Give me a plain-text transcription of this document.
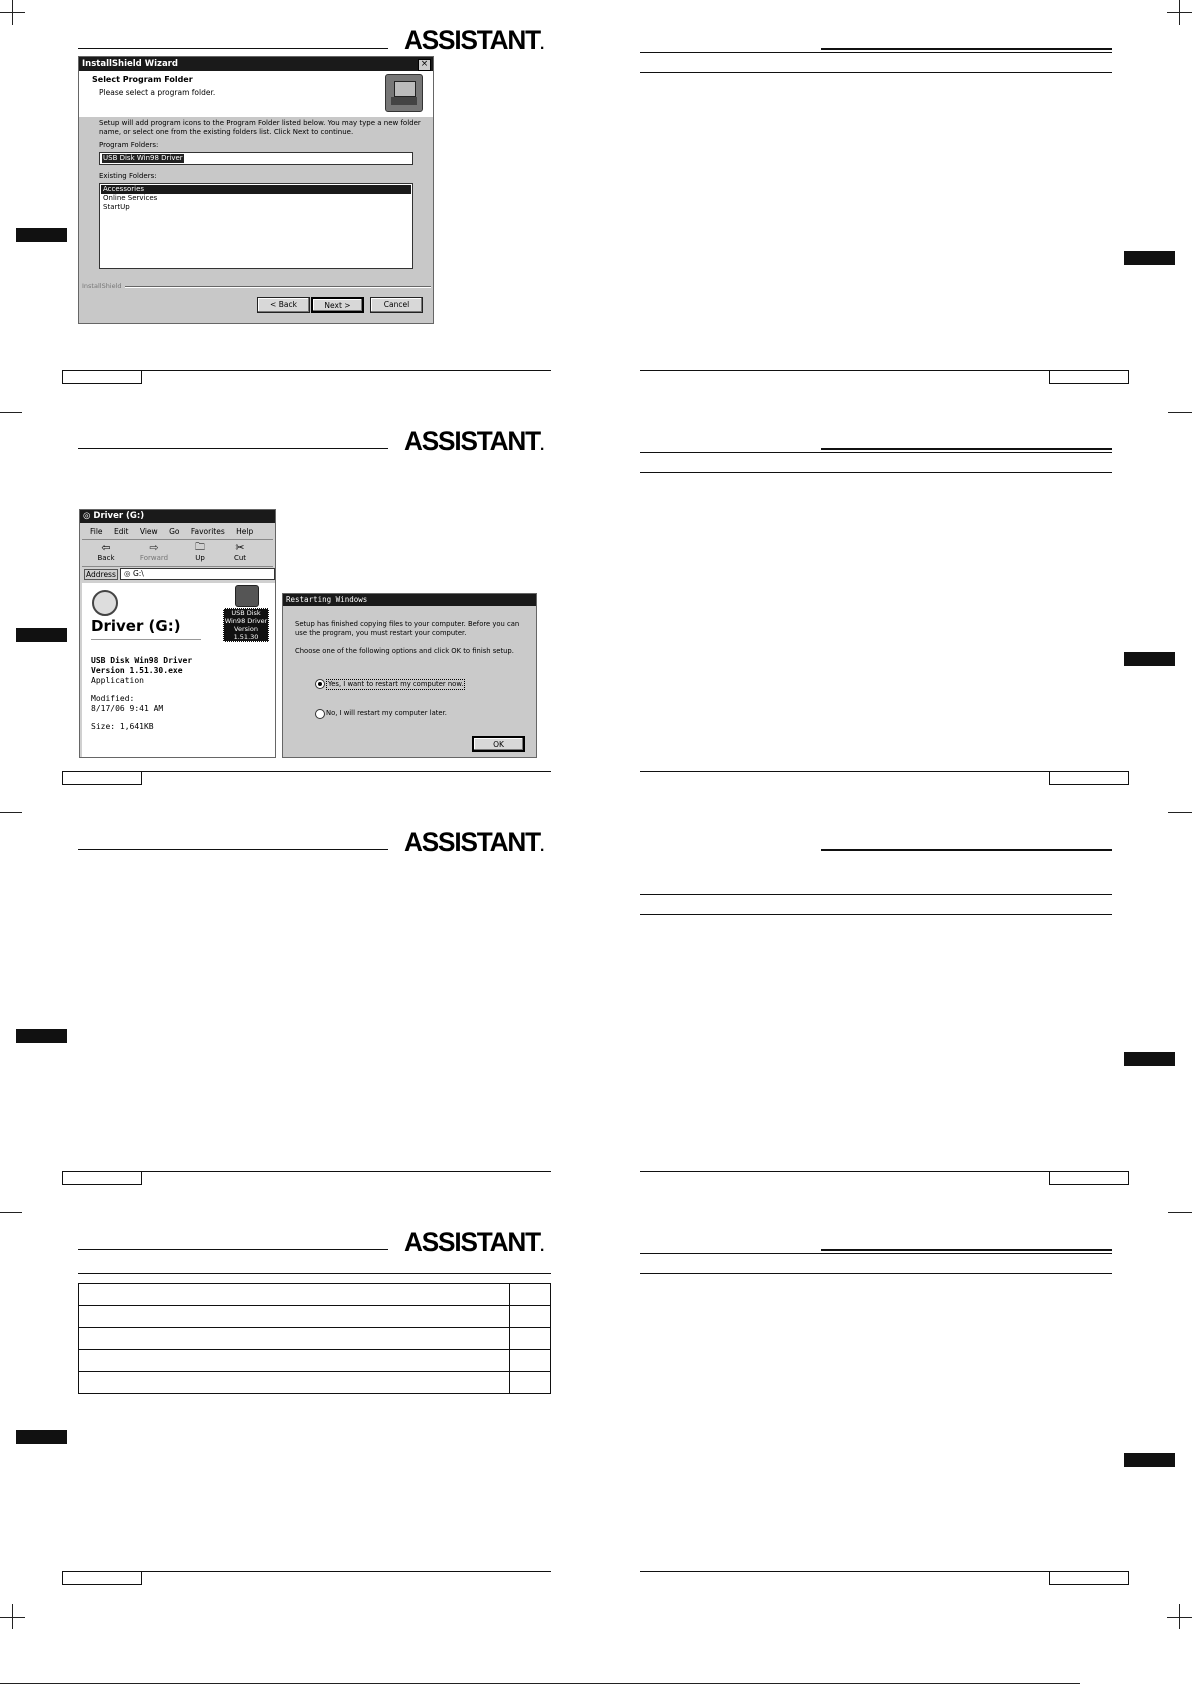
ASSISTANT.
InstallShield Wizard	×
Select Program Folder
Please select a program folder.
Setup will add program icons to the Program Folder listed below. You may type a new folder
name, or select one from the existing folders list. Click Next to continue.
Program Folders:
USB Disk Win98 Driver
Existing Folders:
Accessories
Online Services
StartUp
InstallShield
< Back	Next >	Cancel
ASSISTANT.
◎ Driver (G:)
File Edit View Go Favorites Help
⇦
Back
⇨
Forward
🗀
Up
✂
Cut
Address	◎ G:\
Driver (G:)
USB Disk Win98 Driver
Version 1.51.30.exe
Application
Modified:
8/17/06 9:41 AM
Size: 1,641KB
USB Disk
Win98 Driver
Version
1.51.30
Restarting Windows
Setup has finished copying files to your computer. Before you can
use the program, you must restart your computer.
Choose one of the following options and click OK to finish setup.
Yes, I want to restart my computer now.
No, I will restart my computer later.
OK
ASSISTANT.
ASSISTANT.
